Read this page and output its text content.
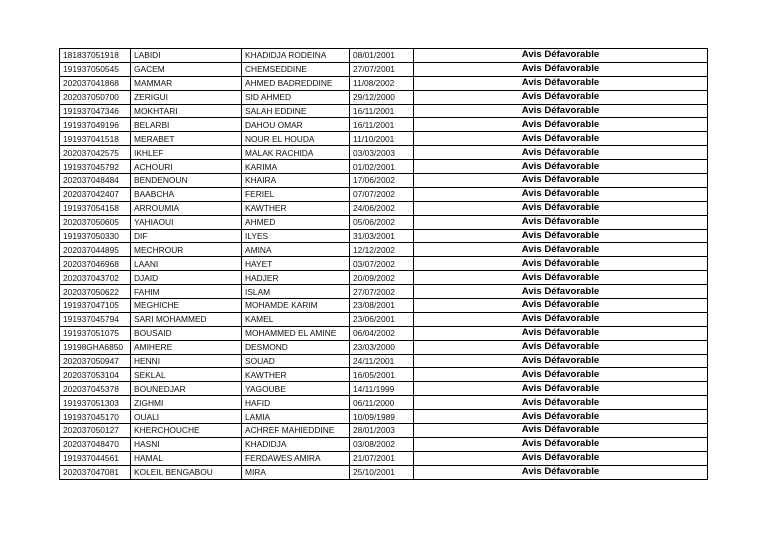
181837051918	LABIDI	KHADIDJA RODEINA	08/01/2001	Avis Défavorable
191937050545	GACEM	CHEMSEDDINE	27/07/2001	Avis Défavorable
202037041868	MAMMAR	AHMED BADREDDINE	11/08/2002	Avis Défavorable
202037050700	ZERIGUI	SID AHMED	29/12/2000	Avis Défavorable
191937047346	MOKHTARI	SALAH EDDINE	16/11/2001	Avis Défavorable
191937049196	BELARBI	DAHOU OMAR	16/11/2001	Avis Défavorable
191937041518	MERABET	NOUR EL HOUDA	11/10/2001	Avis Défavorable
202037042575	IKHLEF	MALAK RACHIDA	03/03/2003	Avis Défavorable
191937045792	ACHOURI	KARIMA	01/02/2001	Avis Défavorable
202037048484	BENDENOUN	KHAIRA	17/06/2002	Avis Défavorable
202037042407	BAABCHA	FERIEL	07/07/2002	Avis Défavorable
191937054158	ARROUMIA	KAWTHER	24/06/2002	Avis Défavorable
202037050605	YAHIAOUI	AHMED	05/06/2002	Avis Défavorable
191937050330	DIF	ILYES	31/03/2001	Avis Défavorable
202037044895	MECHROUR	AMINA	12/12/2002	Avis Défavorable
202037046968	LAANI	HAYET	03/07/2002	Avis Défavorable
202037043702	DJAID	HADJER	20/09/2002	Avis Défavorable
202037050622	FAHIM	ISLAM	27/07/2002	Avis Défavorable
191937047105	MEGHICHE	MOHAMDE KARIM	23/08/2001	Avis Défavorable
191937045794	SARI MOHAMMED	KAMEL	23/06/2001	Avis Défavorable
191937051075	BOUSAID	MOHAMMED EL AMINE	06/04/2002	Avis Défavorable
19198GHA6850	AMIHERE	DESMOND	23/03/2000	Avis Défavorable
202037050947	HENNI	SOUAD	24/11/2001	Avis Défavorable
202037053104	SEKLAL	KAWTHER	16/05/2001	Avis Défavorable
202037045378	BOUNEDJAR	YAGOUBE	14/11/1999	Avis Défavorable
191937051303	ZIGHMI	HAFID	06/11/2000	Avis Défavorable
191937045170	OUALI	LAMIA	10/09/1989	Avis Défavorable
202037050127	KHERCHOUCHE	ACHREF MAHIEDDINE	28/01/2003	Avis Défavorable
202037048470	HASNI	KHADIDJA	03/08/2002	Avis Défavorable
191937044561	HAMAL	FERDAWES AMIRA	21/07/2001	Avis Défavorable
202037047081	KOLEIL BENGABOU	MIRA	25/10/2001	Avis Défavorable
